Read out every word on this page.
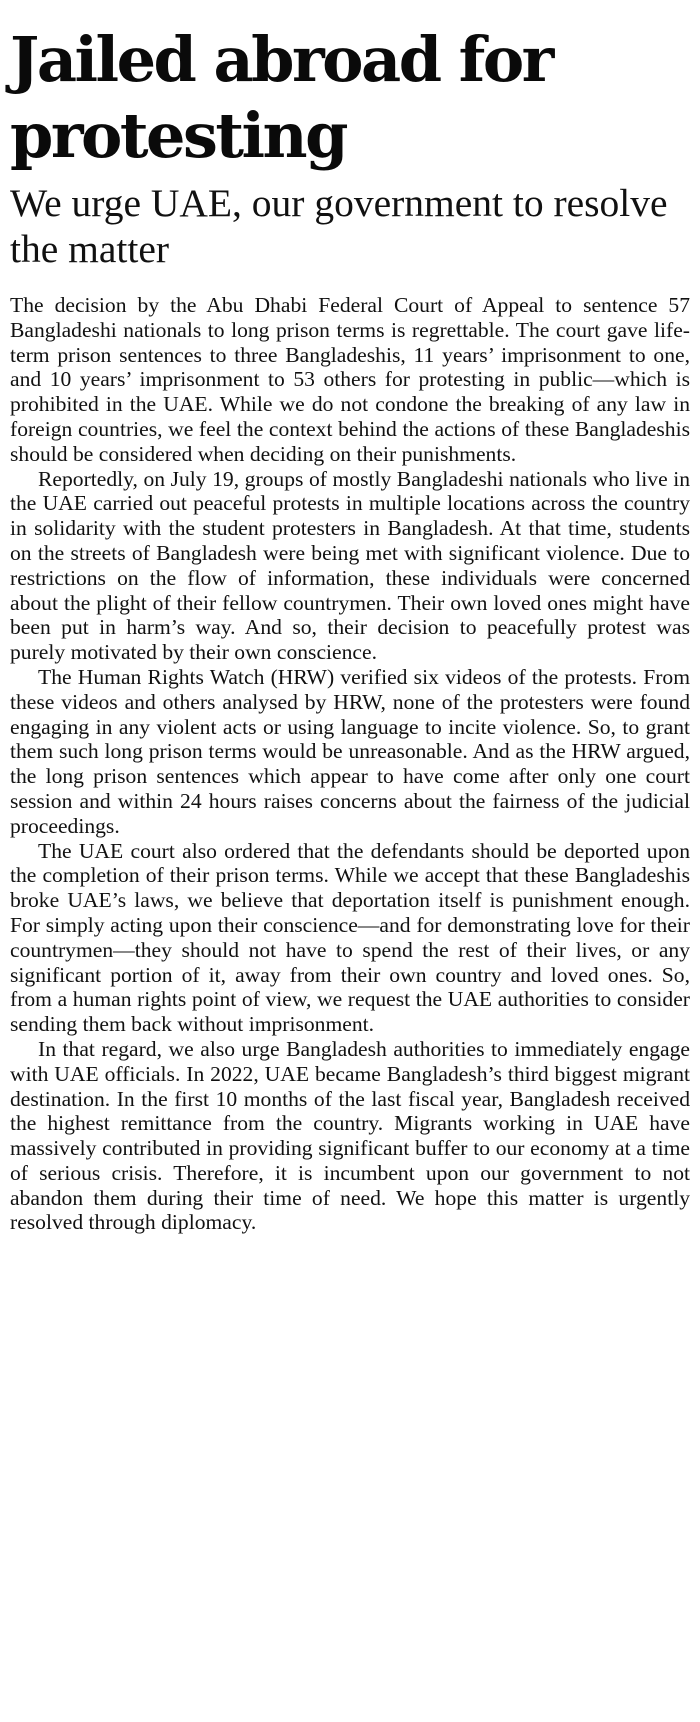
Jailed abroad for protesting
We urge UAE, our government to resolve the matter

The decision by the Abu Dhabi Federal Court of Appeal to sentence 57 Bangladeshi nationals to long prison terms is regrettable. The court gave life-term prison sentences to three Bangladeshis, 11 years’ imprisonment to one, and 10 years’ imprisonment to 53 others for protesting in public—which is prohibited in the UAE. While we do not condone the breaking of any law in foreign countries, we feel the context behind the actions of these Bangladeshis should be considered when deciding on their punishments.

Reportedly, on July 19, groups of mostly Bangladeshi nationals who live in the UAE carried out peaceful protests in multiple locations across the country in solidarity with the student protesters in Bangladesh. At that time, students on the streets of Bangladesh were being met with significant violence. Due to restrictions on the flow of information, these individuals were concerned about the plight of their fellow countrymen. Their own loved ones might have been put in harm’s way. And so, their decision to peacefully protest was purely motivated by their own conscience.

The Human Rights Watch (HRW) verified six videos of the protests. From these videos and others analysed by HRW, none of the protesters were found engaging in any violent acts or using language to incite violence. So, to grant them such long prison terms would be unreasonable. And as the HRW argued, the long prison sentences which appear to have come after only one court session and within 24 hours raises concerns about the fairness of the judicial proceedings.

The UAE court also ordered that the defendants should be deported upon the completion of their prison terms. While we accept that these Bangladeshis broke UAE’s laws, we believe that deportation itself is punishment enough. For simply acting upon their conscience—and for demonstrating love for their countrymen—they should not have to spend the rest of their lives, or any significant portion of it, away from their own country and loved ones. So, from a human rights point of view, we request the UAE authorities to consider sending them back without imprisonment.

In that regard, we also urge Bangladesh authorities to immediately engage with UAE officials. In 2022, UAE became Bangladesh’s third biggest migrant destination. In the first 10 months of the last fiscal year, Bangladesh received the highest remittance from the country. Migrants working in UAE have massively contributed in providing significant buffer to our economy at a time of serious crisis. Therefore, it is incumbent upon our government to not abandon them during their time of need. We hope this matter is urgently resolved through diplomacy.
